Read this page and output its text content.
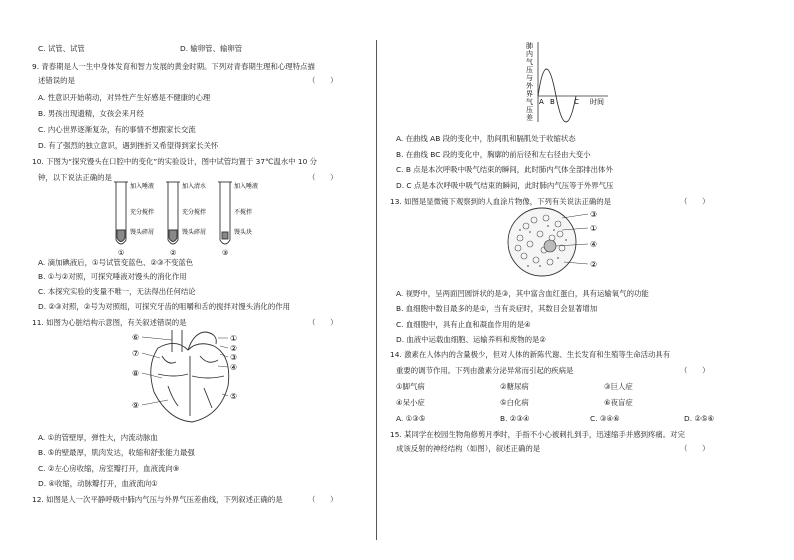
C. 试管、试管	D. 输卵管、输卵管
9. 青春期是人一生中身体发育和智力发展的黄金时期。下列对青春期生理和心理特点描
述错误的是	（　　）
A. 性意识开始萌动，对异性产生好感是不健康的心理
B. 男孩出现遗精，女孩会来月经
C. 内心世界逐渐复杂，有的事情不想跟家长交流
D. 有了强烈的独立意识，遇到挫折又希望得到家长关怀
10. 下图为“探究馒头在口腔中的变化”的实验设计，图中试管均置于 37℃温水中 10 分
钟，以下说法正确的是	（　　）
加入唾液
充分搅拌
馒头碎屑
加入清水
充分搅拌
馒头碎屑
加入唾液
不搅拌
馒头块
①	②	③
A. 滴加碘液后，①号试管变蓝色、②③不变蓝色
B. ①与②对照，可探究唾液对馒头的消化作用
C. 本探究实验的变量不唯一，无法得出任何结论
D. ②③对照，②号为对照组，可探究牙齿的咀嚼和舌的搅拌对馒头消化的作用
11. 如图为心脏结构示意图，有关叙述错误的是	（　　）
⑥
⑦
⑧
⑨
①
②
③
④
⑤
A. ①的管壁厚，弹性大，内流动脉血
B. ⑤的壁最厚，肌肉发达，收缩和舒张能力最强
C. ②左心房收缩，房室瓣打开，血液流向⑨
D. ④收缩，动脉瓣打开，血液流向①
12. 如图是人一次平静呼吸中肺内气压与外界气压差曲线，下列叙述正确的是	（　　）
肺
内
气
压
与
外
界
气
压
差
A B	C 时间
A. 在曲线 AB 段的变化中，肋间肌和膈肌处于收缩状态
B. 在曲线 BC 段的变化中，胸廓的前后径和左右径由大变小
C. B 点是本次呼吸中吸气结束的瞬间，此时肺内气体全部排出体外
D. C 点是本次呼吸中吸气结束的瞬间，此时肺内气压等于外界气压
13. 如图是显微镜下观察到的人血涂片物像，下列有关说法正确的是	（　　）
③
①
④
②
A. 视野中，呈两面凹圆饼状的是③，其中富含血红蛋白，具有运输氧气的功能
B. 血细胞中数目最多的是①，当有炎症时，其数目会显著增加
C. 血细胞中，具有止血和凝血作用的是④
D. 血液中运载血细胞、运输养料和废物的是②
14. 激素在人体内的含量极少，但对人体的新陈代谢、生长发育和生殖等生命活动具有
重要的调节作用。下列由激素分泌异常而引起的疾病是	（　　）
①脚气病	②糖尿病	③巨人症
④呆小症	⑤白化病	⑥夜盲症
A. ①③⑤	B. ②③④	C. ③④⑥	D. ②⑤⑥
15. 某同学在校园生物角修剪月季时，手指不小心被刺扎到手，迅速缩手并感到疼痛。对完
成该反射的神经结构（如图），叙述正确的是	（　　）
